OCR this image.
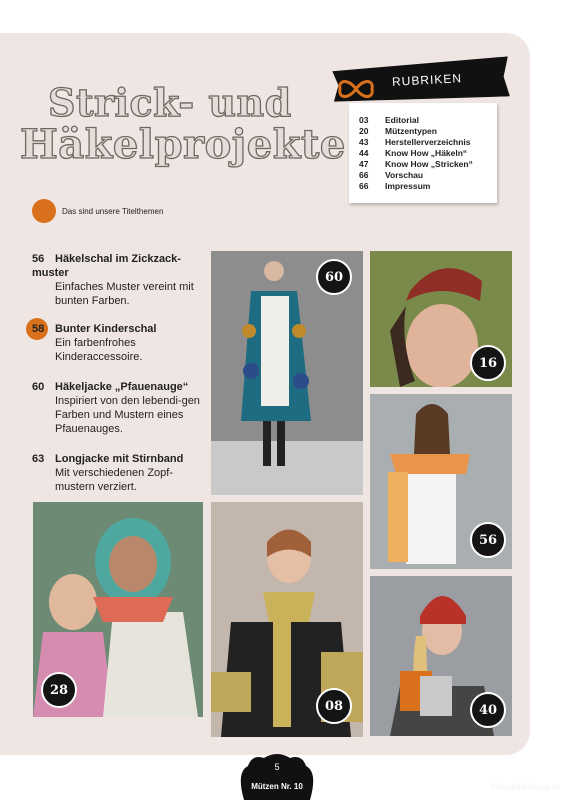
Strick- und
Häkelprojekte
RUBRIKEN
03 Editorial
20 Mützentypen
43 Herstellerverzeichnis
44 Know How „Häkeln“
47 Know How „Stricken“
66 Vorschau
66 Impressum
Das sind unsere Titelthemen
56 Häkelschal im Zickzack-muster
Einfaches Muster vereint mit bunten Farben.
58 Bunter Kinderschal
Ein farbenfrohes Kinderaccessoire.
60 Häkeljacke „Pfauenauge“
Inspiriert von den lebendi-gen Farben und Mustern eines Pfauenauges.
63 Longjacke mit Stirnband
Mit verschiedenen Zopf-mustern verziert.
60
16
56
28
08	40
5
Mützen Nr. 10	PassionForum.ru
